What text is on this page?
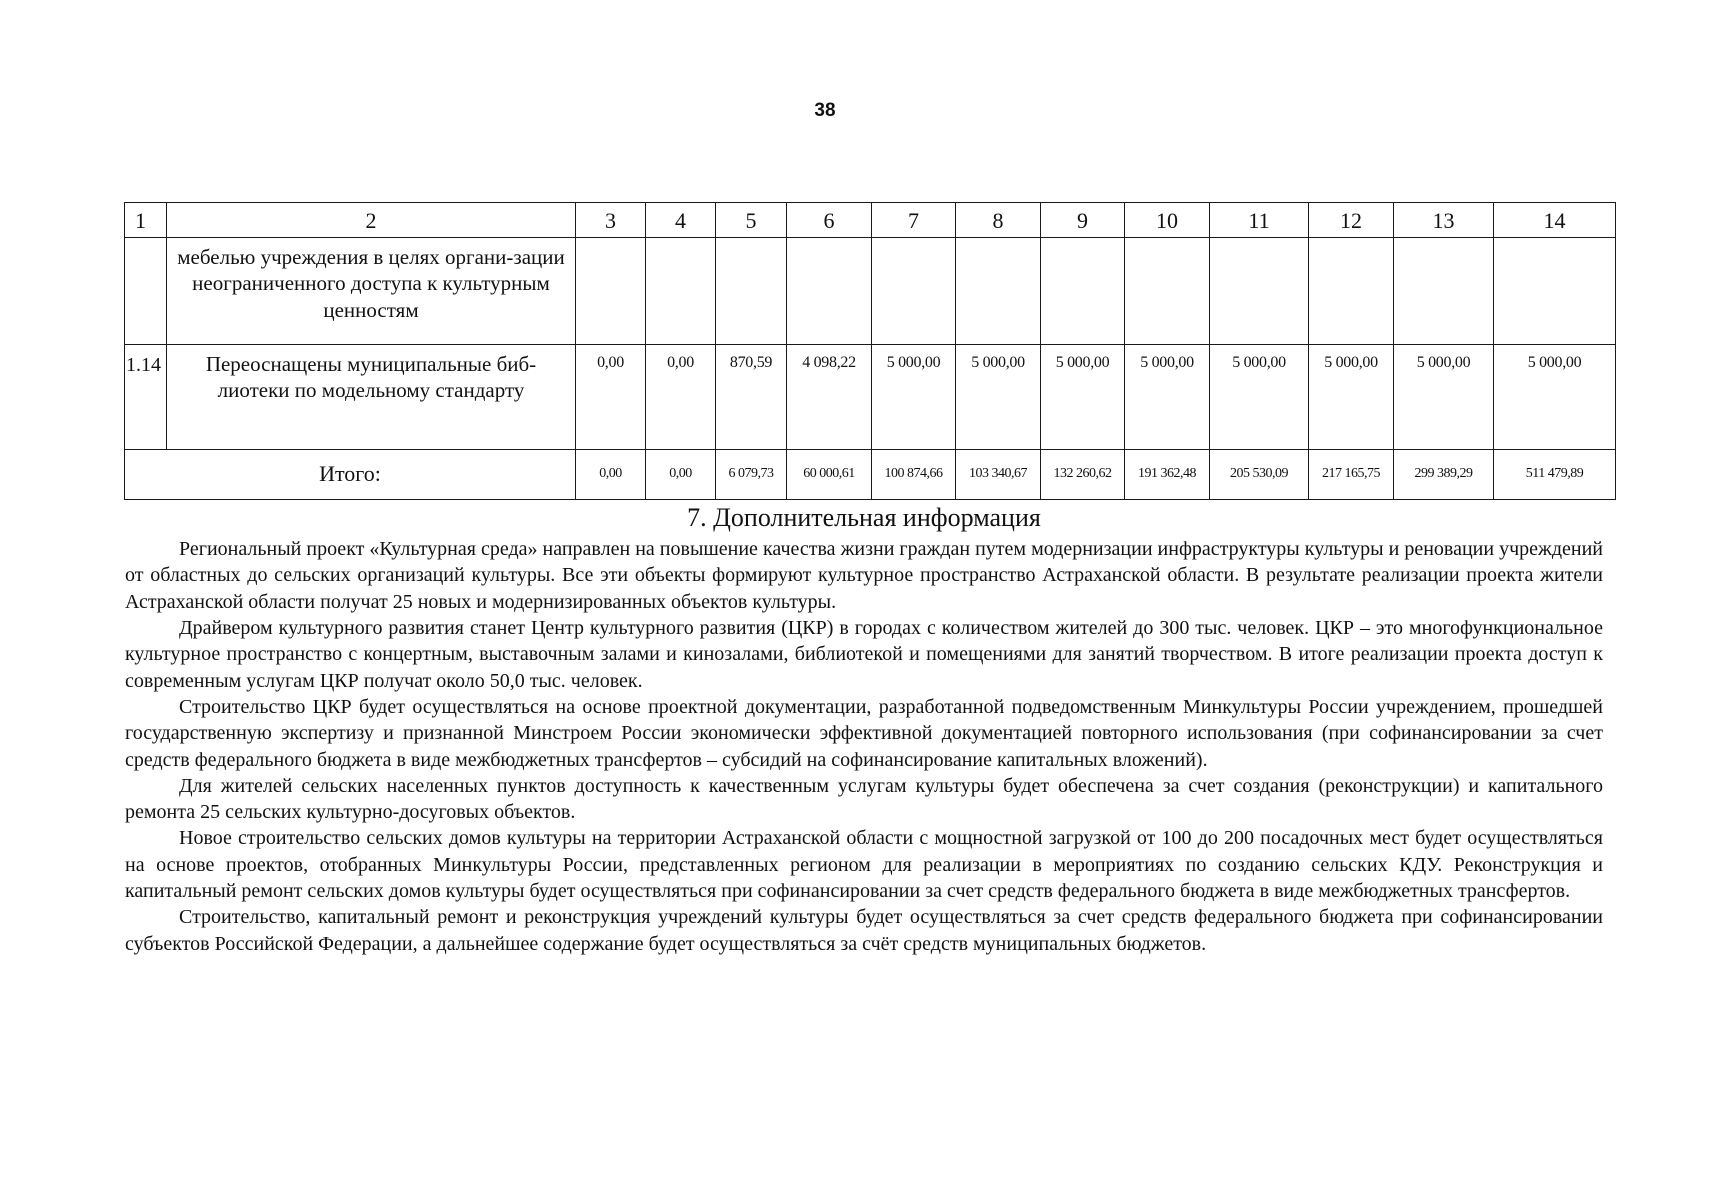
38
1	2	3	4	5	6	7	8	9	10	11	12	13	14
	мебелью учреждения в целях органи-зации неограниченного доступа к культурным ценностям												
1.14	Переоснащены муниципальные биб-лиотеки по модельному стандарту	0,00	0,00	870,59	4 098,22	5 000,00	5 000,00	5 000,00	5 000,00	5 000,00	5 000,00	5 000,00	5 000,00
Итого:		0,00	0,00	6 079,73	60 000,61	100 874,66	103 340,67	132 260,62	191 362,48	205 530,09	217 165,75	299 389,29	511 479,89
7. Дополнительная информация

Региональный проект «Культурная среда» направлен на повышение качества жизни граждан путем модернизации инфраструктуры культуры и реновации учреждений от областных до сельских организаций культуры. Все эти объекты формируют культурное пространство Астраханской области. В результате реализации проекта жители Астраханской области получат 25 новых и модернизированных объектов культуры.

Драйвером культурного развития станет Центр культурного развития (ЦКР) в городах с количеством жителей до 300 тыс. человек. ЦКР – это многофункциональное культурное пространство с концертным, выставочным залами и кинозалами, библиотекой и помещениями для занятий творчеством. В итоге реализации проекта доступ к современным услугам ЦКР получат около 50,0 тыс. человек.

Строительство ЦКР будет осуществляться на основе проектной документации, разработанной подведомственным Минкультуры России учреждением, прошедшей государственную экспертизу и признанной Минстроем России экономически эффективной документацией повторного использования (при софинансировании за счет средств федерального бюджета в виде межбюджетных трансфертов – субсидий на софинансирование капитальных вложений).

Для жителей сельских населенных пунктов доступность к качественным услугам культуры будет обеспечена за счет создания (реконструкции) и капитального ремонта 25 сельских культурно-досуговых объектов.

Новое строительство сельских домов культуры на территории Астраханской области с мощностной загрузкой от 100 до 200 посадочных мест будет осуществляться на основе проектов, отобранных Минкультуры России, представленных регионом для реализации в мероприятиях по созданию сельских КДУ. Реконструкция и капитальный ремонт сельских домов культуры будет осуществляться при софинансировании за счет средств федерального бюджета в виде межбюджетных трансфертов.

Строительство, капитальный ремонт и реконструкция учреждений культуры будет осуществляться за счет средств федерального бюджета при софинансировании субъектов Российской Федерации, а дальнейшее содержание будет осуществляться за счёт средств муниципальных бюджетов.
